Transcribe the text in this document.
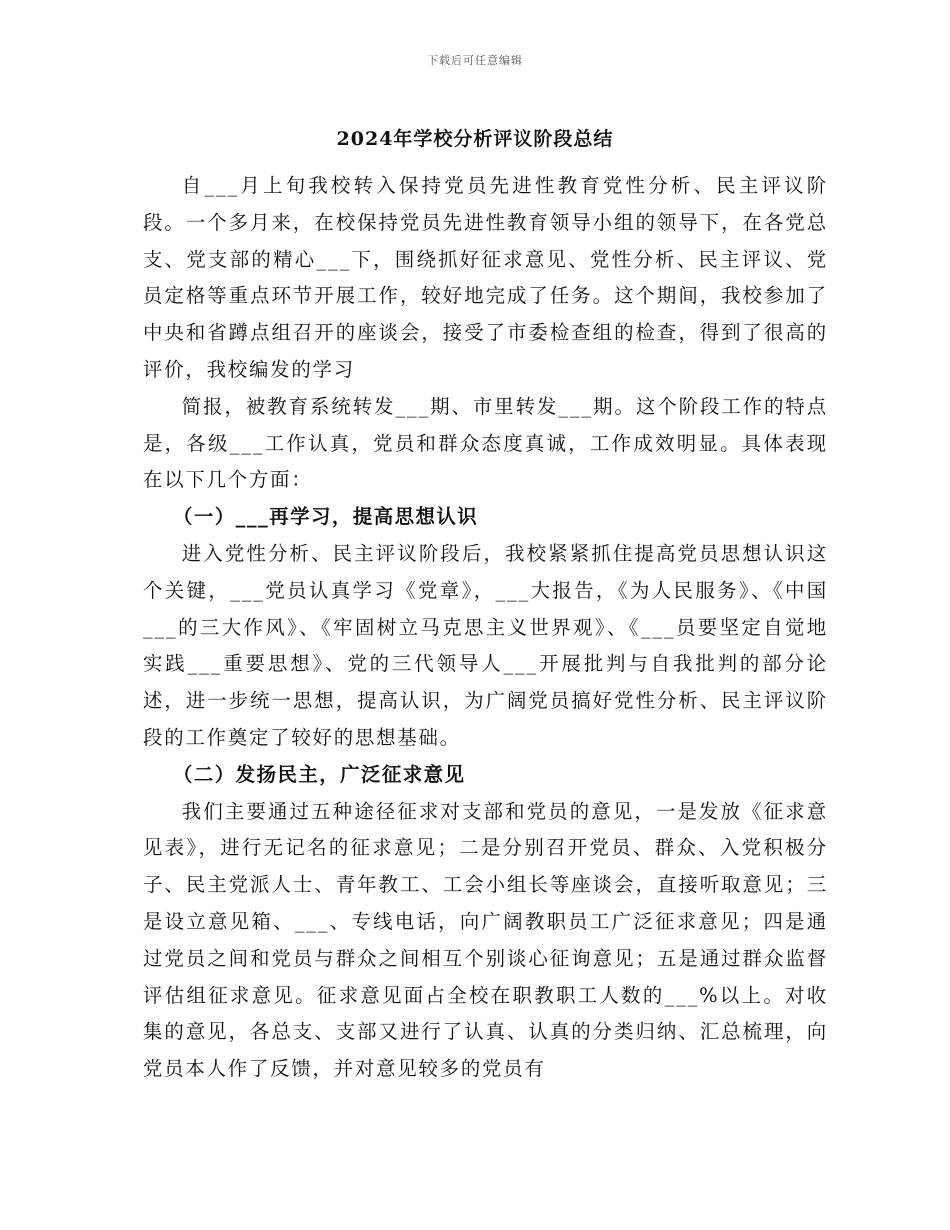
下载后可任意编辑
2024年学校分析评议阶段总结

自___月上旬我校转入保持党员先进性教育党性分析、民主评议阶段。一个多月来，在校保持党员先进性教育领导小组的领导下，在各党总支、党支部的精心___下，围绕抓好征求意见、党性分析、民主评议、党员定格等重点环节开展工作，较好地完成了任务。这个期间，我校参加了中央和省蹲点组召开的座谈会，接受了市委检查组的检查，得到了很高的评价，我校编发的学习

简报，被教育系统转发___期、市里转发___期。这个阶段工作的特点是，各级___工作认真，党员和群众态度真诚，工作成效明显。具体表现在以下几个方面：

（一）___再学习，提高思想认识

进入党性分析、民主评议阶段后，我校紧紧抓住提高党员思想认识这个关键，___党员认真学习《党章》，___大报告，《为人民服务》、《中国___的三大作风》、《牢固树立马克思主义世界观》、《___员要坚定自觉地实践___重要思想》、党的三代领导人___开展批判与自我批判的部分论述，进一步统一思想，提高认识，为广阔党员搞好党性分析、民主评议阶段的工作奠定了较好的思想基础。

（二）发扬民主，广泛征求意见

我们主要通过五种途径征求对支部和党员的意见，一是发放《征求意见表》，进行无记名的征求意见；二是分别召开党员、群众、入党积极分子、民主党派人士、青年教工、工会小组长等座谈会，直接听取意见；三是设立意见箱、___、专线电话，向广阔教职员工广泛征求意见；四是通过党员之间和党员与群众之间相互个别谈心征询意见；五是通过群众监督评估组征求意见。征求意见面占全校在职教职工人数的___%以上。对收集的意见，各总支、支部又进行了认真、认真的分类归纳、汇总梳理，向党员本人作了反馈，并对意见较多的党员有
